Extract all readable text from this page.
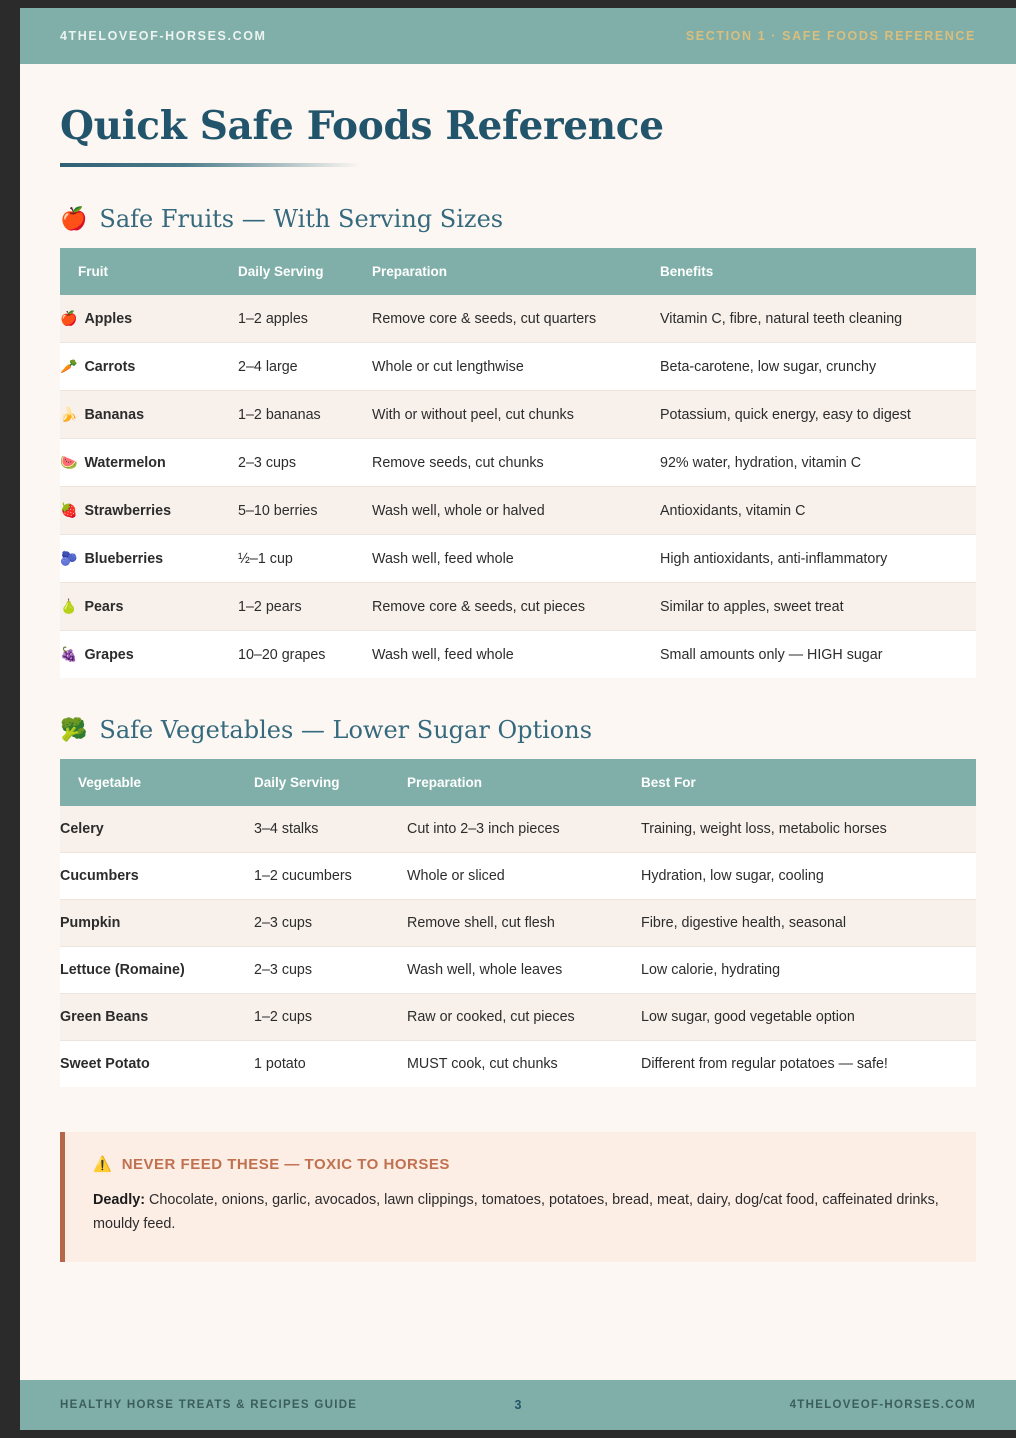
4THELOVEOF-HORSES.COM	SECTION 1 · SAFE FOODS REFERENCE
Quick Safe Foods Reference
🍎 Safe Fruits — With Serving Sizes
Fruit	Daily Serving	Preparation	Benefits
🍎 Apples	1–2 apples	Remove core & seeds, cut quarters	Vitamin C, fibre, natural teeth cleaning
🥕 Carrots	2–4 large	Whole or cut lengthwise	Beta-carotene, low sugar, crunchy
🍌 Bananas	1–2 bananas	With or without peel, cut chunks	Potassium, quick energy, easy to digest
🍉 Watermelon	2–3 cups	Remove seeds, cut chunks	92% water, hydration, vitamin C
🍓 Strawberries	5–10 berries	Wash well, whole or halved	Antioxidants, vitamin C
🫐 Blueberries	½–1 cup	Wash well, feed whole	High antioxidants, anti-inflammatory
🍐 Pears	1–2 pears	Remove core & seeds, cut pieces	Similar to apples, sweet treat
🍇 Grapes	10–20 grapes	Wash well, feed whole	Small amounts only — HIGH sugar
🥦 Safe Vegetables — Lower Sugar Options
Vegetable	Daily Serving	Preparation	Best For
Celery	3–4 stalks	Cut into 2–3 inch pieces	Training, weight loss, metabolic horses
Cucumbers	1–2 cucumbers	Whole or sliced	Hydration, low sugar, cooling
Pumpkin	2–3 cups	Remove shell, cut flesh	Fibre, digestive health, seasonal
Lettuce (Romaine)	2–3 cups	Wash well, whole leaves	Low calorie, hydrating
Green Beans	1–2 cups	Raw or cooked, cut pieces	Low sugar, good vegetable option
Sweet Potato	1 potato	MUST cook, cut chunks	Different from regular potatoes — safe!
⚠️ NEVER FEED THESE — TOXIC TO HORSES
Deadly: Chocolate, onions, garlic, avocados, lawn clippings, tomatoes, potatoes, bread, meat, dairy, dog/cat food, caffeinated drinks, mouldy feed.
HEALTHY HORSE TREATS & RECIPES GUIDE	3	4THELOVEOF-HORSES.COM
